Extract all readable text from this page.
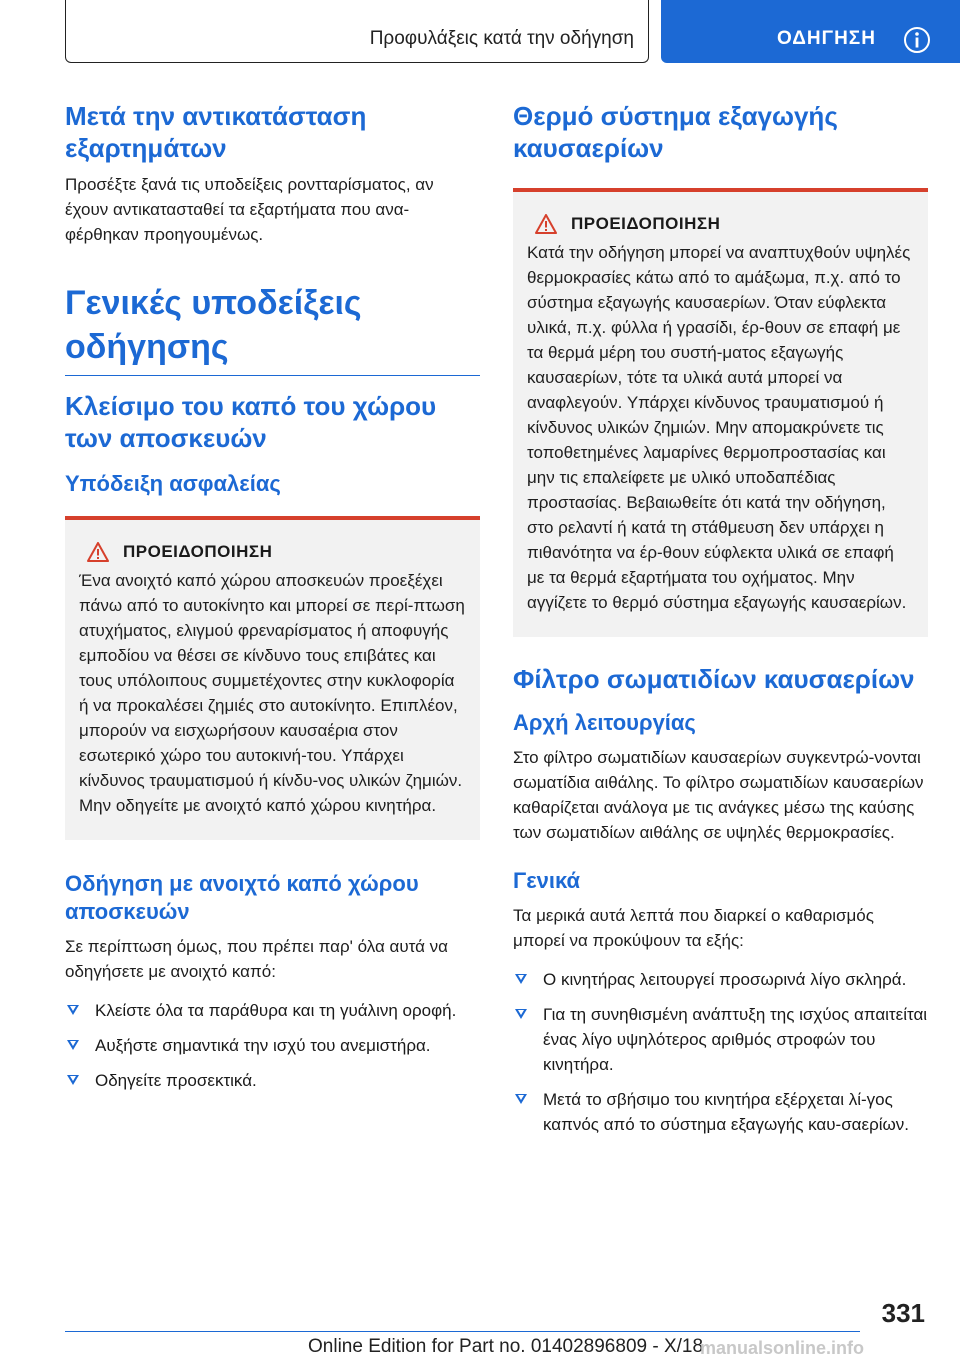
Προφυλάξεις κατά την οδήγηση	ΟΔΗΓΗΣΗ
Μετά την αντικατάσταση εξαρτημάτων

Προσέξτε ξανά τις υποδείξεις ροντταρίσματος, αν έχουν αντικατασταθεί τα εξαρτήματα που ανα-φέρθηκαν προηγουμένως.

Γενικές υποδείξεις οδήγησης
Κλείσιμο του καπό του χώρου των αποσκευών
Υπόδειξη ασφαλείας
ΠΡΟΕΙΔΟΠΟΙΗΣΗ

Ένα ανοιχτό καπό χώρου αποσκευών προεξέχει πάνω από το αυτοκίνητο και μπορεί σε περί-πτωση ατυχήματος, ελιγμού φρεναρίσματος ή αποφυγής εμποδίου να θέσει σε κίνδυνο τους επιβάτες και τους υπόλοιπους συμμετέχοντες στην κυκλοφορία ή να προκαλέσει ζημιές στο αυτοκίνητο. Επιπλέον, μπορούν να εισχωρήσουν καυσαέρια στον εσωτερικό χώρο του αυτοκινή-του. Υπάρχει κίνδυνος τραυματισμού ή κίνδυ-νος υλικών ζημιών. Μην οδηγείτε με ανοιχτό καπό χώρου κινητήρα.

Οδήγηση με ανοιχτό καπό χώρου αποσκευών

Σε περίπτωση όμως, που πρέπει παρ' όλα αυτά να οδηγήσετε με ανοιχτό καπό:

Κλείστε όλα τα παράθυρα και τη γυάλινη οροφή.
Αυξήστε σημαντικά την ισχύ του ανεμιστήρα.
Οδηγείτε προσεκτικά.
Θερμό σύστημα εξαγωγής καυσαερίων
ΠΡΟΕΙΔΟΠΟΙΗΣΗ

Κατά την οδήγηση μπορεί να αναπτυχθούν υψηλές θερμοκρασίες κάτω από το αμάξωμα, π.χ. από το σύστημα εξαγωγής καυσαερίων. Όταν εύφλεκτα υλικά, π.χ. φύλλα ή γρασίδι, έρ-θουν σε επαφή με τα θερμά μέρη του συστή-ματος εξαγωγής καυσαερίων, τότε τα υλικά αυτά μπορεί να αναφλεγούν. Υπάρχει κίνδυνος τραυματισμού ή κίνδυνος υλικών ζημιών. Μην απομακρύνετε τις τοποθετημένες λαμαρίνες θερμοπροστασίας και μην τις επαλείφετε με υλικό υποδαπέδιας προστασίας. Βεβαιωθείτε ότι κατά την οδήγηση, στο ρελαντί ή κατά τη στάθμευση δεν υπάρχει η πιθανότητα να έρ-θουν εύφλεκτα υλικά σε επαφή με τα θερμά εξαρτήματα του οχήματος. Μην αγγίζετε το θερμό σύστημα εξαγωγής καυσαερίων.

Φίλτρο σωματιδίων καυσαερίων
Αρχή λειτουργίας

Στο φίλτρο σωματιδίων καυσαερίων συγκεντρώ-νονται σωματίδια αιθάλης. Το φίλτρο σωματιδίων καυσαερίων καθαρίζεται ανάλογα με τις ανάγκες μέσω της καύσης των σωματιδίων αιθάλης σε υψηλές θερμοκρασίες.

Γενικά

Τα μερικά αυτά λεπτά που διαρκεί ο καθαρισμός μπορεί να προκύψουν τα εξής:

Ο κινητήρας λειτουργεί προσωρινά λίγο σκληρά.
Για τη συνηθισμένη ανάπτυξη της ισχύος απαιτείται ένας λίγο υψηλότερος αριθμός στροφών του κινητήρα.
Μετά το σβήσιμο του κινητήρα εξέρχεται λί-γος καπνός από το σύστημα εξαγωγής καυ-σαερίων.
331
Online Edition for Part no. 01402896809 - X/18
manualsonline.info
